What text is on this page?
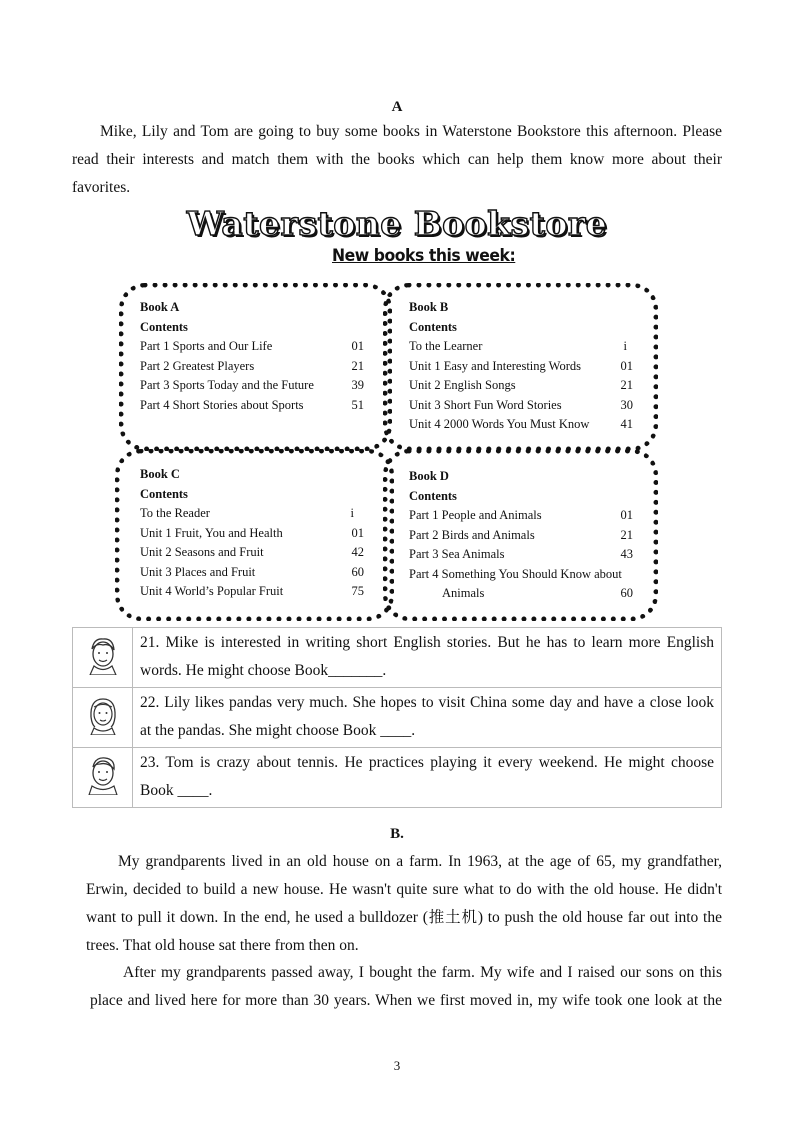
A
Mike, Lily and Tom are going to buy some books in Waterstone Bookstore this afternoon. Please
read their interests and match them with the books which can help them know more about their
favorites.
Waterstone Bookstore
New books this week:
Book A
Contents
Part 1 Sports and Our Life	01
Part 2 Greatest Players	21
Part 3 Sports Today and the Future	39
Part 4 Short Stories about Sports	51
Book B
Contents
To the Learner	i
Unit 1 Easy and Interesting Words	01
Unit 2 English Songs	21
Unit 3 Short Fun Word Stories	30
Unit 4 2000 Words You Must Know 41
Book C
Contents
To the Reader	i
Unit 1 Fruit, You and Health	01
Unit 2 Seasons and Fruit	42
Unit 3 Places and Fruit	60
Unit 4 World’s Popular Fruit	75
Book D
Contents
Part 1 People and Animals	01
Part 2 Birds and Animals	21
Part 3 Sea Animals	43
Part 4 Something You Should Know about
Animals	60

21. Mike is interested in writing short English stories. But he has to learn more English
words. He might choose Book_______.

22. Lily likes pandas very much. She hopes to visit China some day and have a close look
at the pandas. She might choose Book ____.

23. Tom is crazy about tennis. He practices playing it every weekend. He might choose
Book ____.
B.
My grandparents lived in an old house on a farm. In 1963, at the age of 65, my grandfather,
Erwin, decided to build a new house. He wasn't quite sure what to do with the old house. He didn't
want to pull it down. In the end, he used a bulldozer (推土机) to push the old house far out into the
trees. That old house sat there from then on.
After my grandparents passed away, I bought the farm. My wife and I raised our sons on this
place and lived here for more than 30 years. When we first moved in, my wife took one look at the
3
